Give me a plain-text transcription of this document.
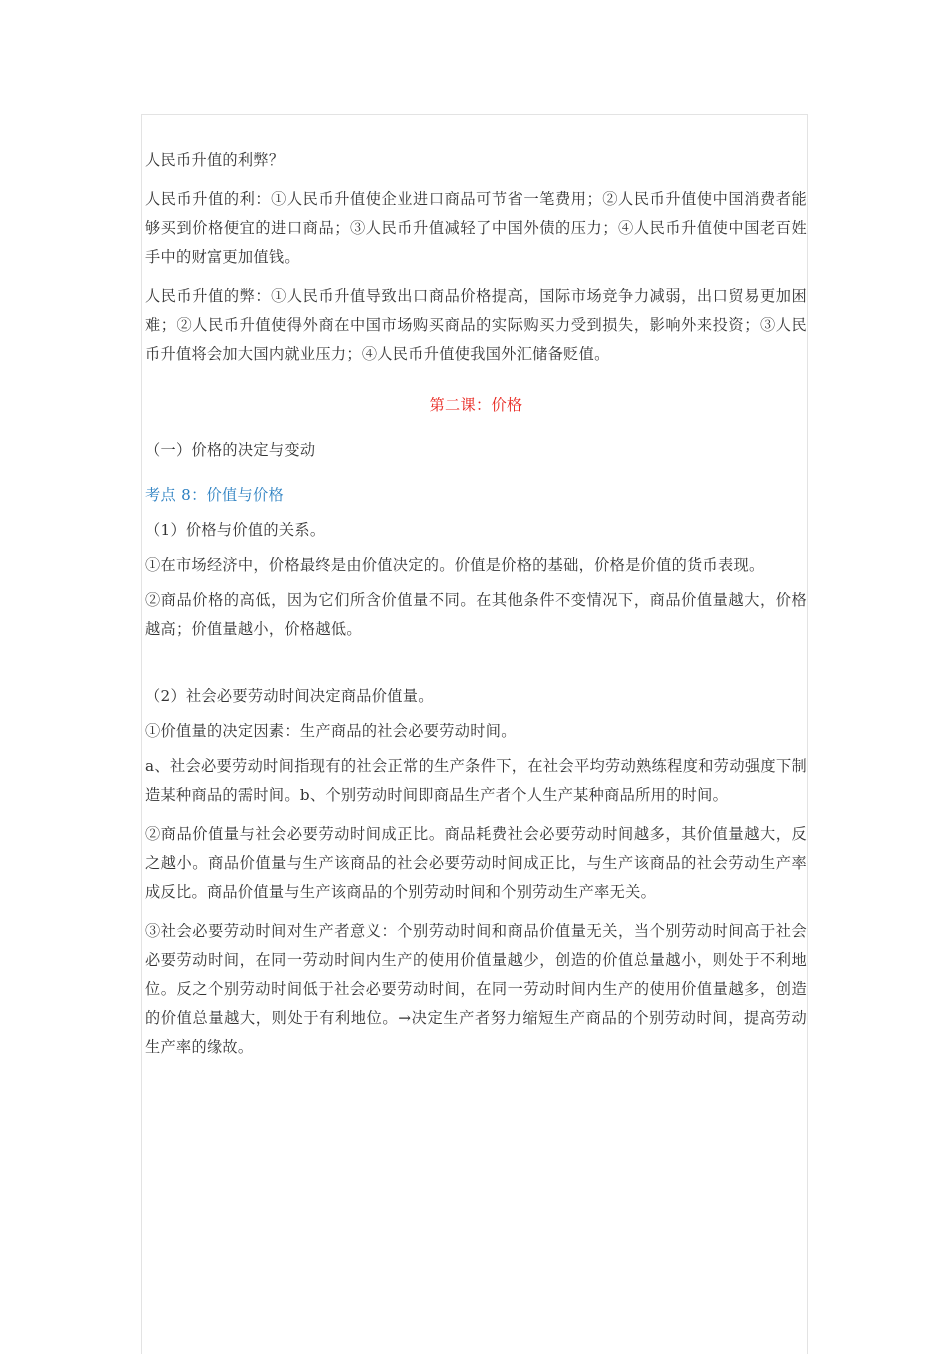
人民币升值的利弊？

人民币升值的利：①人民币升值使企业进口商品可节省一笔费用；②人民币升值使中国消费者能够买到价格便宜的进口商品；③人民币升值减轻了中国外债的压力；④人民币升值使中国老百姓手中的财富更加值钱。

人民币升值的弊：①人民币升值导致出口商品价格提高，国际市场竞争力减弱，出口贸易更加困难；②人民币升值使得外商在中国市场购买商品的实际购买力受到损失，影响外来投资；③人民币升值将会加大国内就业压力；④人民币升值使我国外汇储备贬值。

第二课：价格

（一）价格的决定与变动

考点 8：价值与价格

（1）价格与价值的关系。

①在市场经济中，价格最终是由价值决定的。价值是价格的基础，价格是价值的货币表现。

②商品价格的高低，因为它们所含价值量不同。在其他条件不变情况下，商品价值量越大，价格越高；价值量越小，价格越低。

（2）社会必要劳动时间决定商品价值量。

①价值量的决定因素：生产商品的社会必要劳动时间。

a、社会必要劳动时间指现有的社会正常的生产条件下，在社会平均劳动熟练程度和劳动强度下制造某种商品的需时间。b、个别劳动时间即商品生产者个人生产某种商品所用的时间。

②商品价值量与社会必要劳动时间成正比。商品耗费社会必要劳动时间越多，其价值量越大，反之越小。商品价值量与生产该商品的社会必要劳动时间成正比，与生产该商品的社会劳动生产率成反比。商品价值量与生产该商品的个别劳动时间和个别劳动生产率无关。

③社会必要劳动时间对生产者意义：个别劳动时间和商品价值量无关，当个别劳动时间高于社会必要劳动时间，在同一劳动时间内生产的使用价值量越少，创造的价值总量越小，则处于不利地位。反之个别劳动时间低于社会必要劳动时间，在同一劳动时间内生产的使用价值量越多，创造的价值总量越大，则处于有利地位。→决定生产者努力缩短生产商品的个别劳动时间，提高劳动生产率的缘故。
